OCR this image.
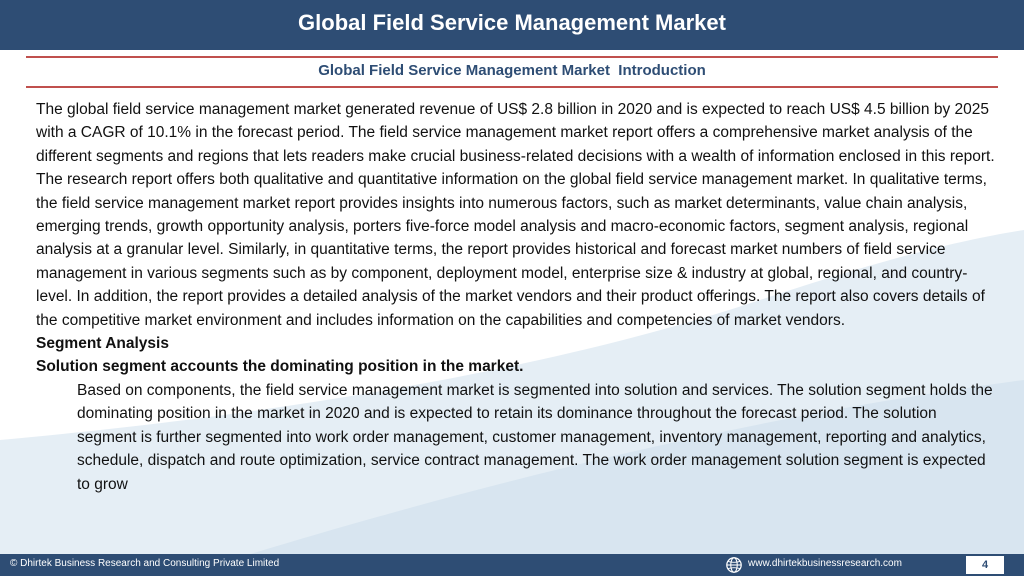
Global Field Service Management Market
Global Field Service Management Market  Introduction

The global field service management market generated revenue of US$ 2.8 billion in 2020 and is expected to reach US$ 4.5 billion by 2025 with a CAGR of 10.1% in the forecast period. The field service management market report offers a comprehensive market analysis of the different segments and regions that lets readers make crucial business-related decisions with a wealth of information enclosed in this report. The research report offers both qualitative and quantitative information on the global field service management market. In qualitative terms, the field service management market report provides insights into numerous factors, such as market determinants, value chain analysis, emerging trends, growth opportunity analysis, porters five-force model analysis and macro-economic factors, segment analysis, regional analysis at a granular level. Similarly, in quantitative terms, the report provides historical and forecast market numbers of field service management in various segments such as by component, deployment model, enterprise size & industry at global, regional, and country-level. In addition, the report provides a detailed analysis of the market vendors and their product offerings. The report also covers details of the competitive market environment and includes information on the capabilities and competencies of market vendors.

Segment Analysis

Solution segment accounts the dominating position in the market.

Based on components, the field service management market is segmented into solution and services. The solution segment holds the dominating position in the market in 2020 and is expected to retain its dominance throughout the forecast period. The solution segment is further segmented into work order management, customer management, inventory management, reporting and analytics, schedule, dispatch and route optimization, service contract management. The work order management solution segment is expected to grow

© Dhirtek Business Research and Consulting Private Limited	www.dhirtekbusinessresearch.com	4
